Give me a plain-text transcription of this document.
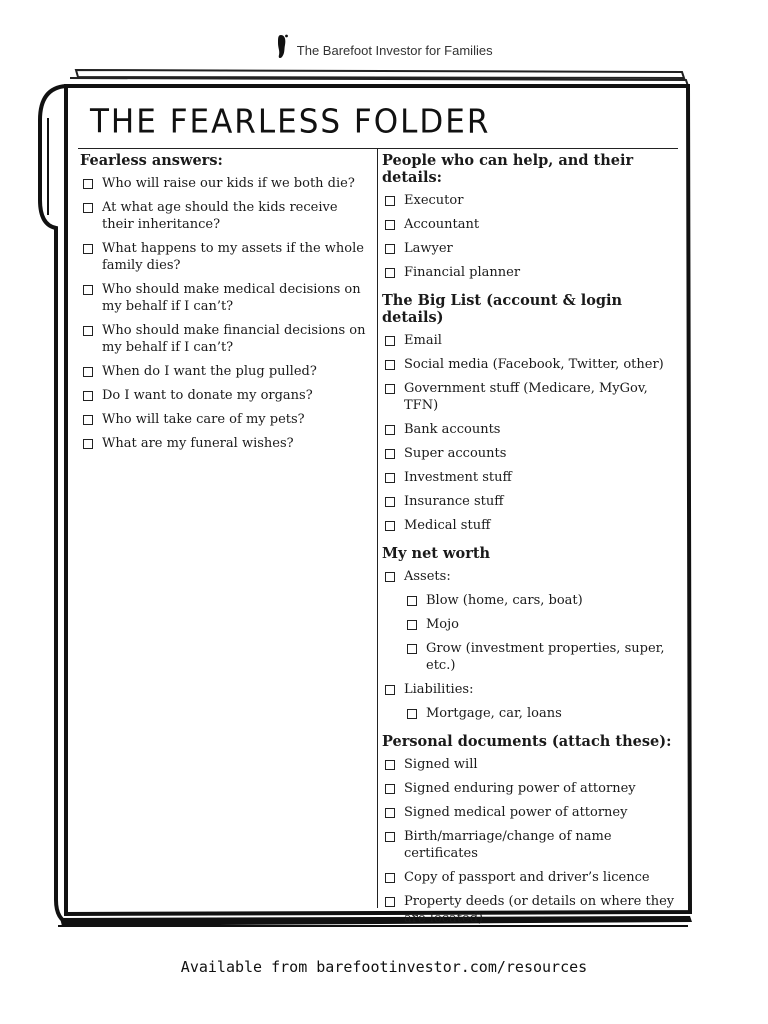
The Barefoot Investor for Families
THE FEARLESS FOLDER
Fearless answers:
Who will raise our kids if we both die?
At what age should the kids receive their inheritance?
What happens to my assets if the whole family dies?
Who should make medical decisions on my behalf if I can’t?
Who should make financial decisions on my behalf if I can’t?
When do I want the plug pulled?
Do I want to donate my organs?
Who will take care of my pets?
What are my funeral wishes?
People who can help, and their details:
Executor
Accountant
Lawyer
Financial planner
The Big List (account & login details)
Email
Social media (Facebook, Twitter, other)
Government stuff (Medicare, MyGov, TFN)
Bank accounts
Super accounts
Investment stuff
Insurance stuff
Medical stuff
My net worth
Assets:
Blow (home, cars, boat)
Mojo
Grow (investment properties, super, etc.)
Liabilities:
Mortgage, car, loans
Personal documents (attach these):
Signed will
Signed enduring power of attorney
Signed medical power of attorney
Birth/marriage/change of name certificates
Copy of passport and driver’s licence
Property deeds (or details on where they are located)
Available from barefootinvestor.com/resources
